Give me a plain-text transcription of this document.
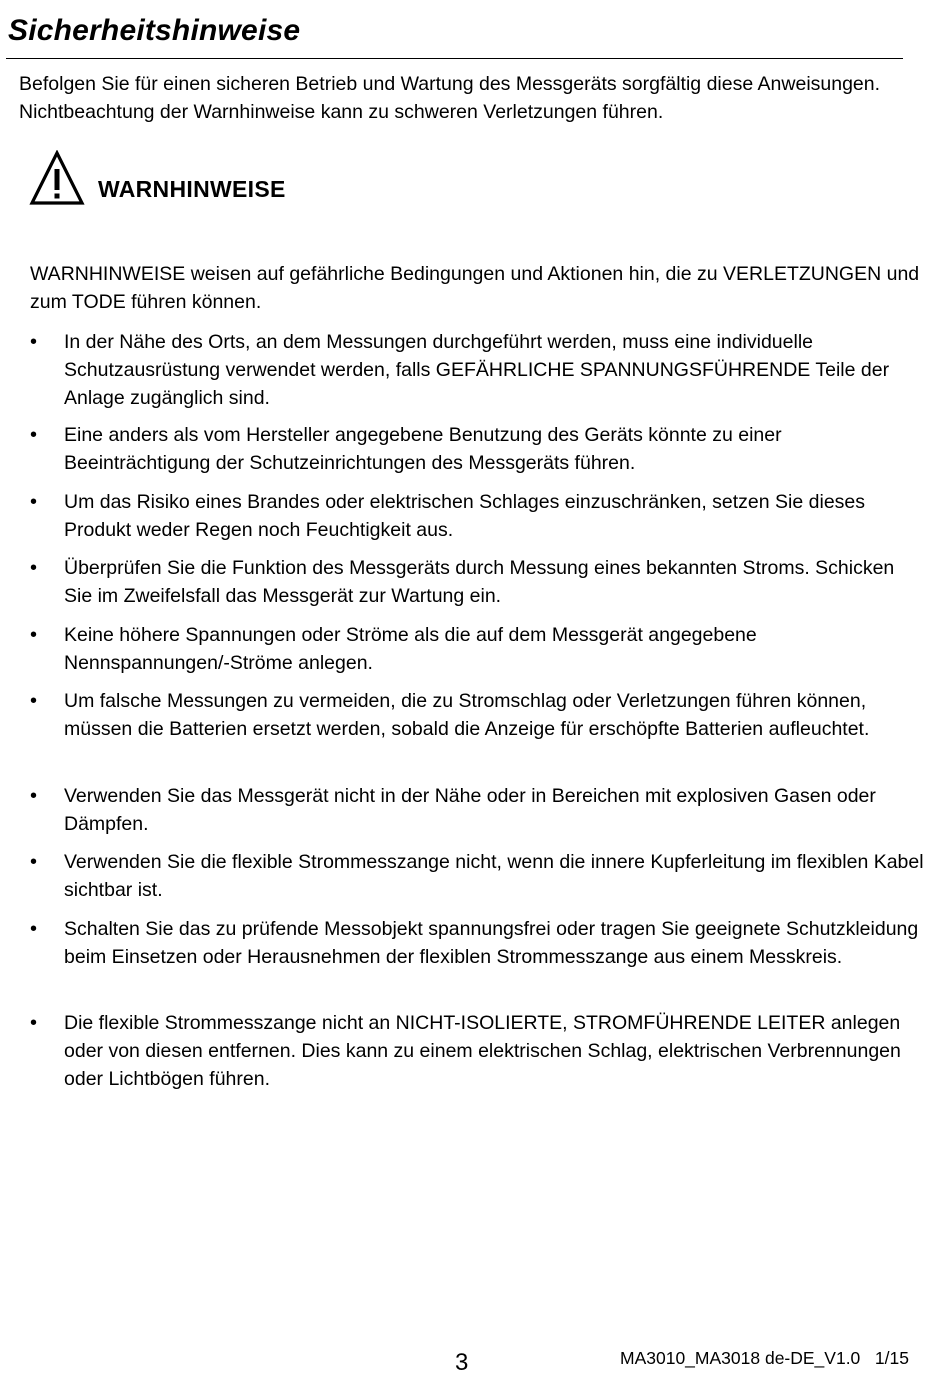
Sicherheitshinweise

Befolgen Sie für einen sicheren Betrieb und Wartung des Messgeräts sorgfältig diese Anweisungen. Nichtbeachtung der Warnhinweise kann zu schweren Verletzungen führen.

WARNHINWEISE

WARNHINWEISE weisen auf gefährliche Bedingungen und Aktionen hin, die zu VERLETZUNGEN und zum TODE führen können.

•	In der Nähe des Orts, an dem Messungen durchgeführt werden, muss eine individuelle Schutzausrüstung verwendet werden, falls GEFÄHRLICHE SPANNUNGSFÜHRENDE Teile der Anlage zugänglich sind.
•	Eine anders als vom Hersteller angegebene Benutzung des Geräts könnte zu einer Beeinträchtigung der Schutzeinrichtungen des Messgeräts führen.
•	Um das Risiko eines Brandes oder elektrischen Schlages einzuschränken, setzen Sie dieses Produkt weder Regen noch Feuchtigkeit aus.
•	Überprüfen Sie die Funktion des Messgeräts durch Messung eines bekannten Stroms. Schicken Sie im Zweifelsfall das Messgerät zur Wartung ein.
•	Keine höhere Spannungen oder Ströme als die auf dem Messgerät angegebene Nennspannungen/-Ströme anlegen.
•	Um falsche Messungen zu vermeiden, die zu Stromschlag oder Verletzungen führen können, müssen die Batterien ersetzt werden, sobald die Anzeige für erschöpfte Batterien aufleuchtet.
•	Verwenden Sie das Messgerät nicht in der Nähe oder in Bereichen mit explosiven Gasen oder Dämpfen.
•	Verwenden Sie die flexible Strommesszange nicht, wenn die innere Kupferleitung im flexiblen Kabel sichtbar ist.
•	Schalten Sie das zu prüfende Messobjekt spannungsfrei oder tragen Sie geeignete Schutzkleidung beim Einsetzen oder Herausnehmen der flexiblen Strommesszange aus einem Messkreis.
•	Die flexible Strommesszange nicht an NICHT-ISOLIERTE, STROMFÜHRENDE LEITER anlegen oder von diesen entfernen. Dies kann zu einem elektrischen Schlag, elektrischen Verbrennungen oder Lichtbögen führen.
3	MA3010_MA3018 de-DE_V1.0   1/15
